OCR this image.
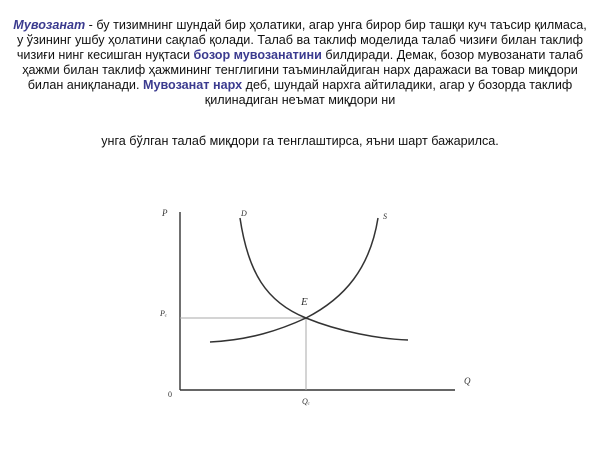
Мувозанат - бу тизимнинг шундай бир ҳолатики, агар унга бирор бир ташқи куч таъсир қилмаса, у ўзининг ушбу ҳолатини сақлаб қолади. Талаб ва таклиф моделида талаб чизиғи билан таклиф чизиғи нинг кесишган нуқтаси бозор мувозанатини билдиради. Демак, бозор мувозанати талаб ҳажми билан таклиф ҳажмининг тенглигини таъминлайдиган нарх даражаси ва товар миқдори билан аниқланади. Мувозанат нарх деб, шундай нархга айтиладики, агар у бозорда таклиф қилинадиган неъмат миқдори ни

унга бўлган талаб миқдори га тенглаштирса, яъни шарт бажарилса.

P
Q
0
D	S
E
Pₑ
Qₑ
